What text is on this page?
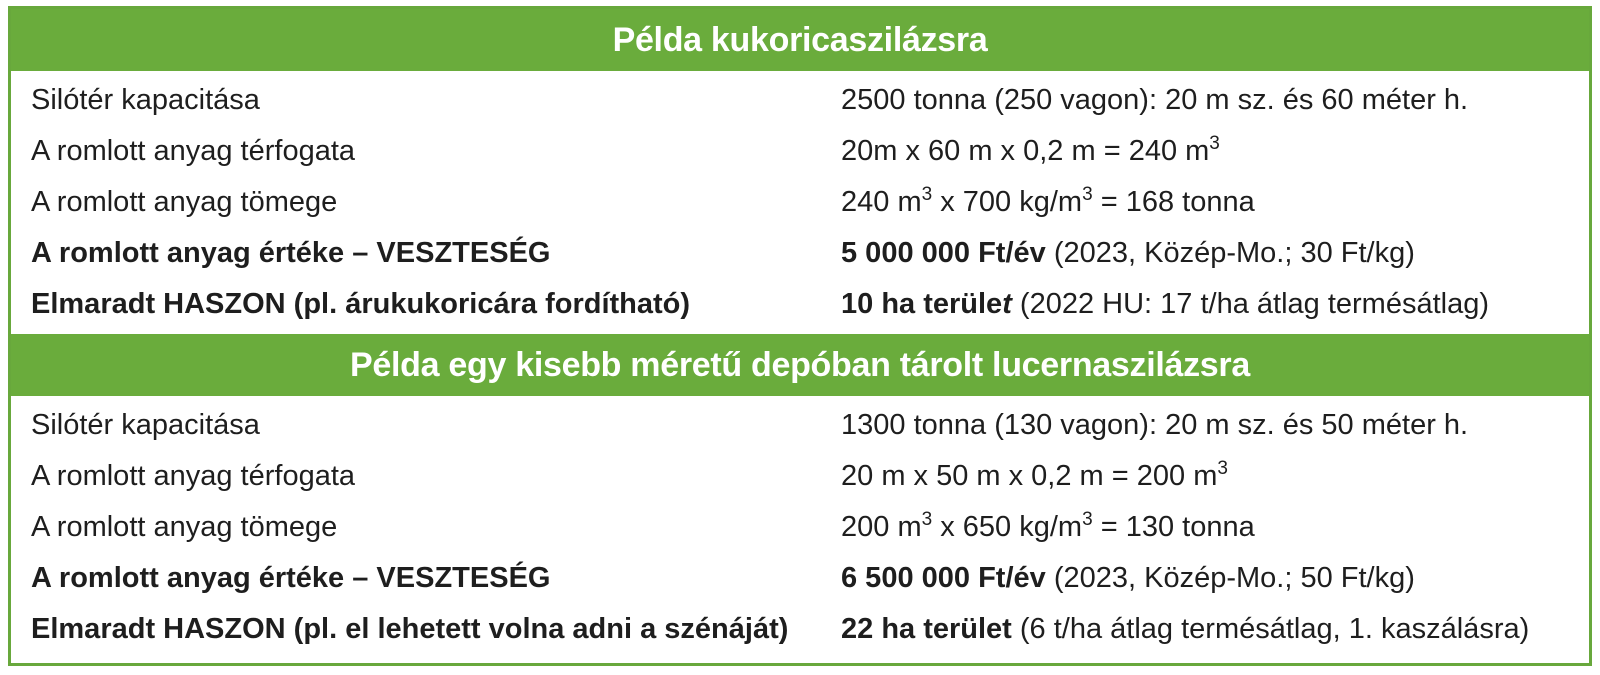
Példa kukoricaszilázsra
Silótér kapacitása	2500 tonna (250 vagon): 20 m sz. és 60 méter h.
A romlott anyag térfogata	20m x 60 m x 0,2 m = 240 $m^3$
A romlott anyag tömege	240 $m^3$ x 700 $kg/m^3 = 168$ tonna
A romlott anyag értéke – VESZTESÉG	5 000 000 Ft/év (2023, Közép-Mo.; 30 Ft/kg)
Elmaradt HASZON (pl. árukukoricára fordítható)	10 ha terület (2022 HU: 17 t/ha átlag termésátlag)
Példa egy kisebb méretű depóban tárolt lucernaszilázsra
Silótér kapacitása	1300 tonna (130 vagon): 20 m sz. és 50 méter h.
A romlott anyag térfogata	20 m x 50 m x 0,2 m = 200 $m^3$
A romlott anyag tömege	200 $m^3$ x 650 $kg/m^3 = 130$ tonna
A romlott anyag értéke – VESZTESÉG	6 500 000 Ft/év (2023, Közép-Mo.; 50 Ft/kg)
Elmaradt HASZON (pl. el lehetett volna adni a szénáját)	22 ha terület (6 t/ha átlag termésátlag, 1. kaszálásra)
